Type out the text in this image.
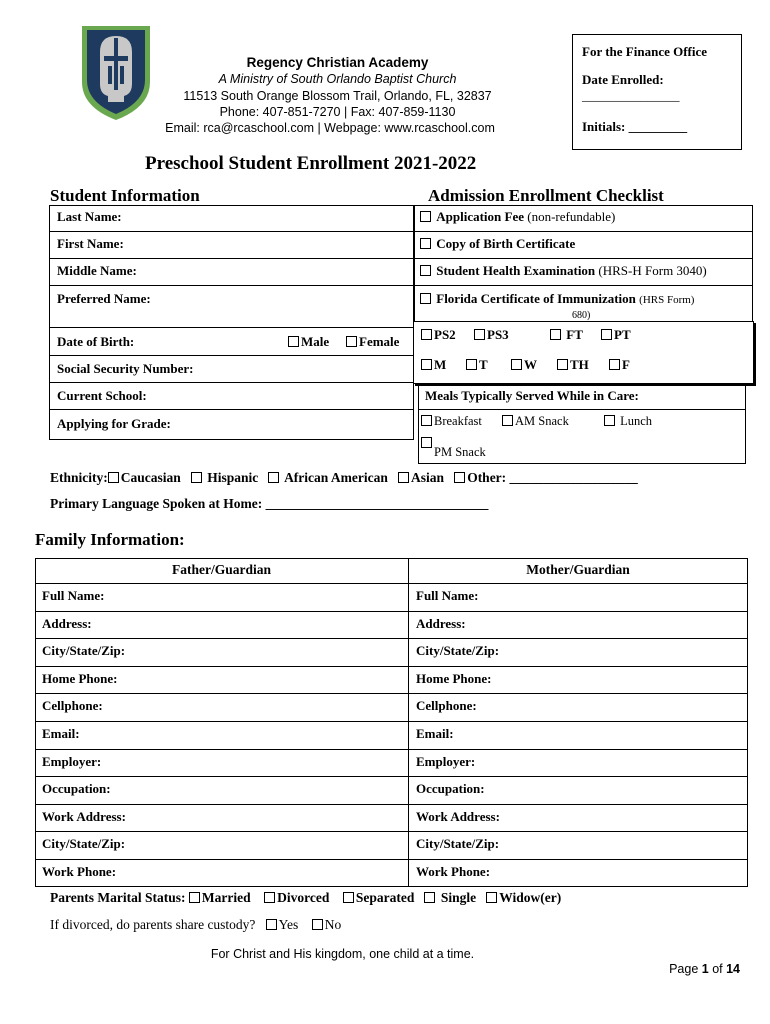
Regency Christian Academy
A Ministry of South Orlando Baptist Church
11513 South Orange Blossom Trail, Orlando, FL, 32837
Phone: 407-851-7270 | Fax: 407-859-1130
Email: rca@rcaschool.com | Webpage: www.rcaschool.com
For the Finance Office
Date Enrolled:
_______________
Initials: _________
Preschool Student Enrollment 2021-2022
Student Information	Admission Enrollment Checklist
Last Name:
First Name:
Middle Name:
Preferred Name:
Date of Birth:	Male	Female
Social Security Number:
Current School:
Applying for Grade:
Application Fee (non-refundable)
Copy of Birth Certificate
Student Health Examination (HRS-H Form 3040)
Florida Certificate of Immunization (HRS Form)
680)
PS2	PS3	FT	PT
M	T	W	TH	F
Meals Typically Served While in Care:
Breakfast	AM Snack	Lunch
PM Snack
Ethnicity: Caucasian Hispanic African American Asian Other: ___________________
Primary Language Spoken at Home: _________________________________
Family Information:
Father/Guardian	Mother/Guardian
Full Name:	Full Name:
Address:	Address:
City/State/Zip:	City/State/Zip:
Home Phone:	Home Phone:
Cellphone:	Cellphone:
Email:	Email:
Employer:	Employer:
Occupation:	Occupation:
Work Address:	Work Address:
City/State/Zip:	City/State/Zip:
Work Phone:	Work Phone:
Parents Marital Status: Married Divorced Separated Single Widow(er)
If divorced, do parents share custody? Yes No
For Christ and His kingdom, one child at a time.
Page 1 of 14
